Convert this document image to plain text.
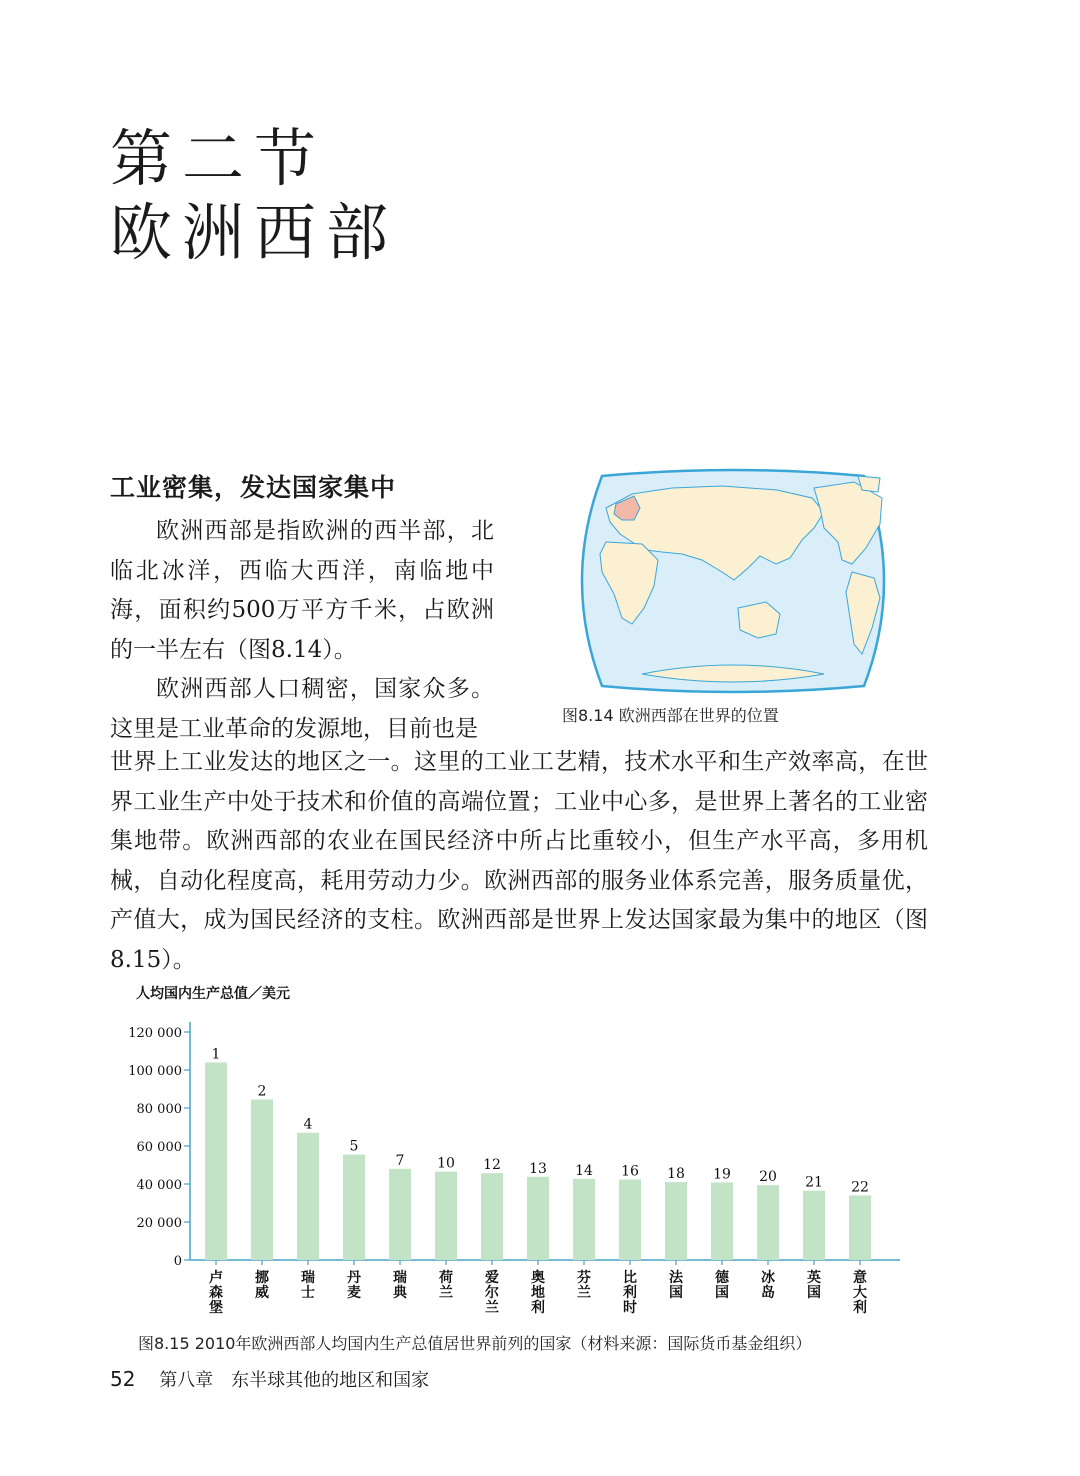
第二节
欧洲西部
工业密集，发达国家集中

欧洲西部是指欧洲的西半部，北临北冰洋，西临大西洋，南临地中海，面积约500万平方千米，占欧洲的一半左右（图8.14）。

欧洲西部人口稠密，国家众多。这里是工业革命的发源地，目前也是

世界上工业发达的地区之一。这里的工业工艺精，技术水平和生产效率高，在世界工业生产中处于技术和价值的高端位置；工业中心多，是世界上著名的工业密集地带。欧洲西部的农业在国民经济中所占比重较小，但生产水平高，多用机械，自动化程度高，耗用劳动力少。欧洲西部的服务业体系完善，服务质量优，产值大，成为国民经济的支柱。欧洲西部是世界上发达国家最为集中的地区（图8.15）。

图8.14 欧洲西部在世界的位置
人均国内生产总值／美元
0
20 000
40 000
60 000
80 000
100 000
120 000
1
卢森堡
2
挪威
4
瑞士
5
丹麦
7
瑞典
10
荷兰
12
爱尔兰
13
奥地利
14
芬兰
16
比利时
18
法国
19
德国
20
冰岛
21
英国
22
意大利
图8.15 2010年欧洲西部人均国内生产总值居世界前列的国家（材料来源：国际货币基金组织）
52 第八章　东半球其他的地区和国家
